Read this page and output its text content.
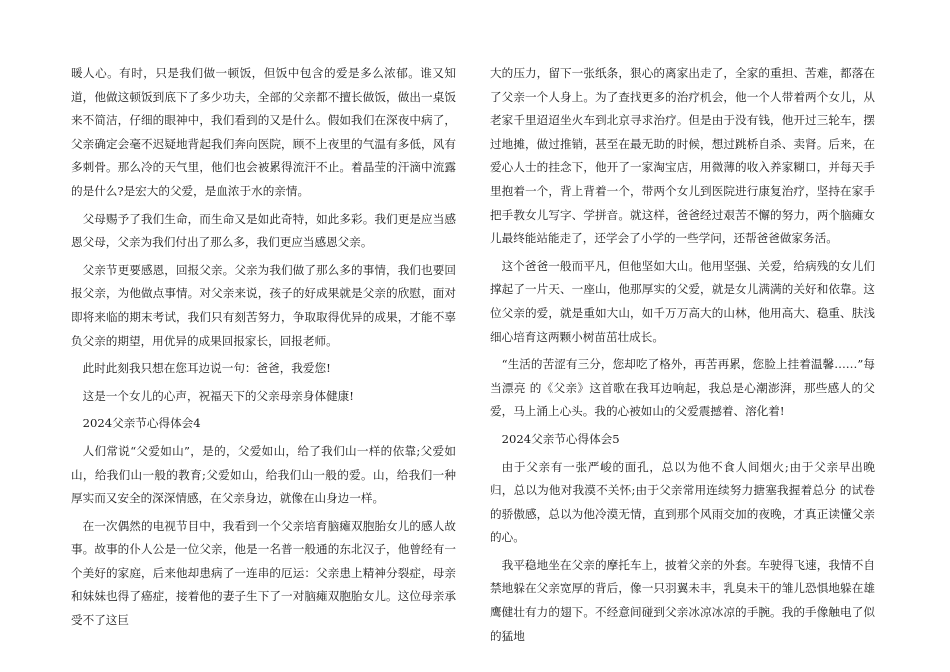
暖人心。有时，只是我们做一顿饭，但饭中包含的爱是多么浓郁。谁又知道，他做这顿饭到底下了多少功夫，全部的父亲都不擅长做饭，做出一桌饭来不简洁，仔细的眼神中，我们看到的又是什么。假如我们在深夜中病了，父亲确定会毫不迟疑地背起我们奔向医院，顾不上夜里的气温有多低，风有多刺骨。那么冷的天气里，他们也会被累得流汗不止。着晶莹的汗滴中流露的是什么?是宏大的父爱，是血浓于水的亲情。

父母赐予了我们生命，而生命又是如此奇特，如此多彩。我们更是应当感恩父母，父亲为我们付出了那么多，我们更应当感恩父亲。

父亲节更要感恩，回报父亲。父亲为我们做了那么多的事情，我们也要回报父亲，为他做点事情。对父亲来说，孩子的好成果就是父亲的欣慰，面对即将来临的期末考试，我们只有刻苦努力，争取取得优异的成果，才能不辜负父亲的期望，用优异的成果回报家长，回报老师。

此时此刻我只想在您耳边说一句：爸爸，我爱您!

这是一个女儿的心声，祝福天下的父亲母亲身体健康!

2024父亲节心得体会4

人们常说“父爱如山”，是的，父爱如山，给了我们山一样的依靠;父爱如山，给我们山一般的教育;父爱如山，给我们山一般的爱。山，给我们一种厚实而又安全的深深情感，在父亲身边，就像在山身边一样。

在一次偶然的电视节目中，我看到一个父亲培育脑瘫双胞胎女儿的感人故事。故事的仆人公是一位父亲，他是一名普一般通的东北汉子，他曾经有一个美好的家庭，后来他却患病了一连串的厄运：父亲患上精神分裂症，母亲和妹妹也得了癌症，接着他的妻子生下了一对脑瘫双胞胎女儿。这位母亲承受不了这巨

大的压力，留下一张纸条，狠心的离家出走了，全家的重担、苦难，都落在了父亲一个人身上。为了查找更多的治疗机会，他一个人带着两个女儿，从老家千里迢迢坐火车到北京寻求治疗。但是由于没有钱，他开过三轮车，摆过地摊，做过推销，甚至在最无助的时候，想过跳桥自杀、卖肾。后来，在爱心人士的挂念下，他开了一家淘宝店，用微薄的收入养家糊口，并每天手里抱着一个，背上背着一个，带两个女儿到医院进行康复治疗，坚持在家手把手教女儿写字、学拼音。就这样，爸爸经过艰苦不懈的努力，两个脑瘫女儿最终能站能走了，还学会了小学的一些学问，还帮爸爸做家务活。

这个爸爸一般而平凡，但他坚如大山。他用坚强、关爱，给病残的女儿们撑起了一片天、一座山，他那厚实的父爱，就是女儿满满的关好和依靠。这位父亲的爱，就是重如大山，如千万万高大的山林，他用高大、稳重、肤浅细心培育这两颗小树苗茁壮成长。

“生活的苦涩有三分，您却吃了格外，再苦再累，您脸上挂着温馨……”每当漂亮 的《父亲》这首歌在我耳边响起，我总是心潮澎湃，那些感人的父爱，马上涌上心头。我的心被如山的父爱震撼着、溶化着!

2024父亲节心得体会5

由于父亲有一张严峻的面孔，总以为他不食人间烟火;由于父亲早出晚归，总以为他对我漠不关怀;由于父亲常用连续努力搪塞我握着总分 的试卷的骄傲感，总以为他冷漠无情，直到那个风雨交加的夜晚，才真正读懂父亲的心。

我平稳地坐在父亲的摩托车上，披着父亲的外套。车驶得飞速，我情不自禁地躲在父亲宽厚的背后，像一只羽翼未丰，乳臭未干的雏儿恐惧地躲在雄鹰健壮有力的翅下。不经意间碰到父亲冰凉冰凉的手腕。我的手像触电了似的猛地
